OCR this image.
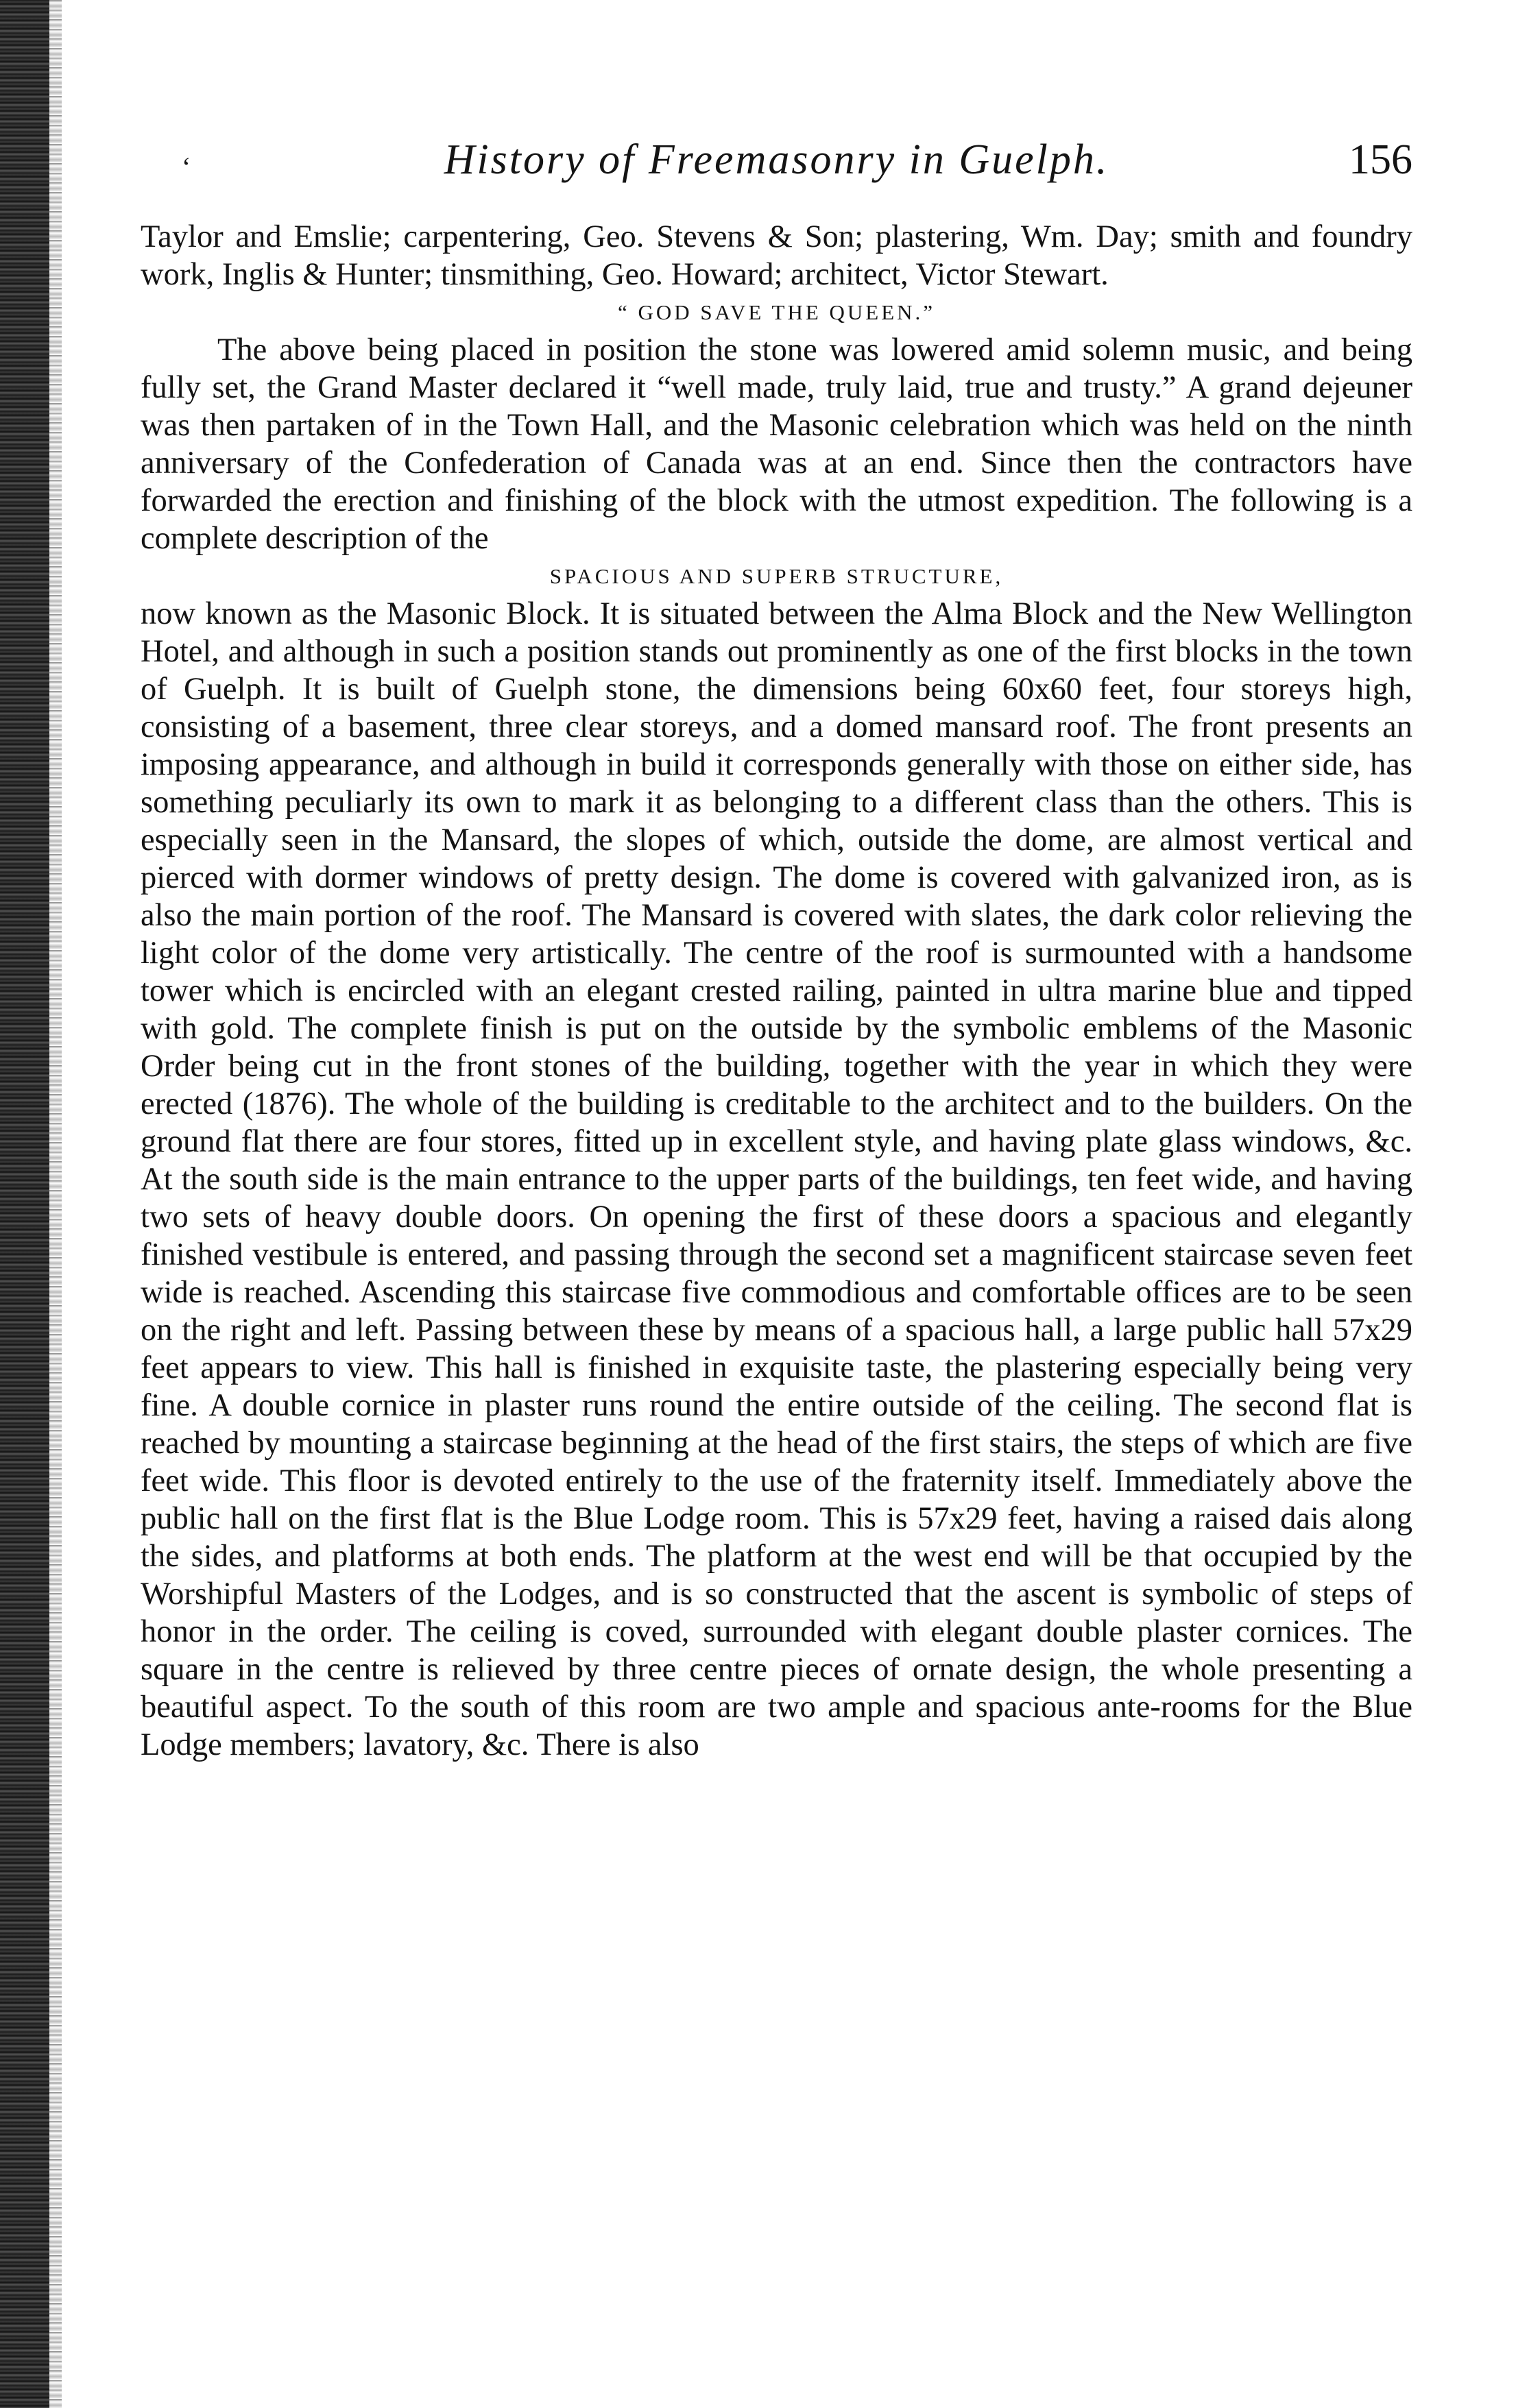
‘	History of Freemasonry in Guelph.	156

Taylor and Emslie; carpentering, Geo. Stevens & Son; plastering, Wm. Day; smith and foundry work, Inglis & Hunter; tinsmithing, Geo. Howard; architect, Victor Stewart.

“ GOD SAVE THE QUEEN.”

The above being placed in position the stone was lowered amid solemn music, and being fully set, the Grand Master declared it “well made, truly laid, true and trusty.” A grand dejeuner was then partaken of in the Town Hall, and the Masonic celebration which was held on the ninth anniversary of the Confederation of Canada was at an end. Since then the contractors have forwarded the erection and finishing of the block with the utmost expedition. The following is a complete description of the

SPACIOUS AND SUPERB STRUCTURE,

now known as the Masonic Block. It is situated between the Alma Block and the New Wellington Hotel, and although in such a position stands out prominently as one of the first blocks in the town of Guelph. It is built of Guelph stone, the dimensions being 60x60 feet, four storeys high, consisting of a basement, three clear storeys, and a domed mansard roof. The front presents an imposing appearance, and although in build it corresponds generally with those on either side, has something peculiarly its own to mark it as belonging to a different class than the others. This is especially seen in the Mansard, the slopes of which, outside the dome, are almost vertical and pierced with dormer windows of pretty design. The dome is covered with galvanized iron, as is also the main portion of the roof. The Mansard is covered with slates, the dark color relieving the light color of the dome very artistically. The centre of the roof is surmounted with a handsome tower which is encircled with an elegant crested railing, painted in ultra marine blue and tipped with gold. The complete finish is put on the outside by the symbolic emblems of the Masonic Order being cut in the front stones of the building, together with the year in which they were erected (1876). The whole of the building is creditable to the architect and to the builders. On the ground flat there are four stores, fitted up in excellent style, and having plate glass windows, &c. At the south side is the main entrance to the upper parts of the buildings, ten feet wide, and having two sets of heavy double doors. On opening the first of these doors a spacious and elegantly finished vestibule is entered, and passing through the second set a magnificent staircase seven feet wide is reached. Ascending this staircase five commodious and comfortable offices are to be seen on the right and left. Passing between these by means of a spacious hall, a large public hall 57x29 feet appears to view. This hall is finished in exquisite taste, the plastering especially being very fine. A double cornice in plaster runs round the entire outside of the ceiling. The second flat is reached by mounting a staircase beginning at the head of the first stairs, the steps of which are five feet wide. This floor is devoted entirely to the use of the fraternity itself. Immediately above the public hall on the first flat is the Blue Lodge room. This is 57x29 feet, having a raised dais along the sides, and platforms at both ends. The platform at the west end will be that occupied by the Worshipful Masters of the Lodges, and is so constructed that the ascent is symbolic of steps of honor in the order. The ceiling is coved, surrounded with elegant double plaster cornices. The square in the centre is relieved by three centre pieces of ornate design, the whole presenting a beautiful aspect. To the south of this room are two ample and spacious ante-rooms for the Blue Lodge members; lavatory, &c. There is also
